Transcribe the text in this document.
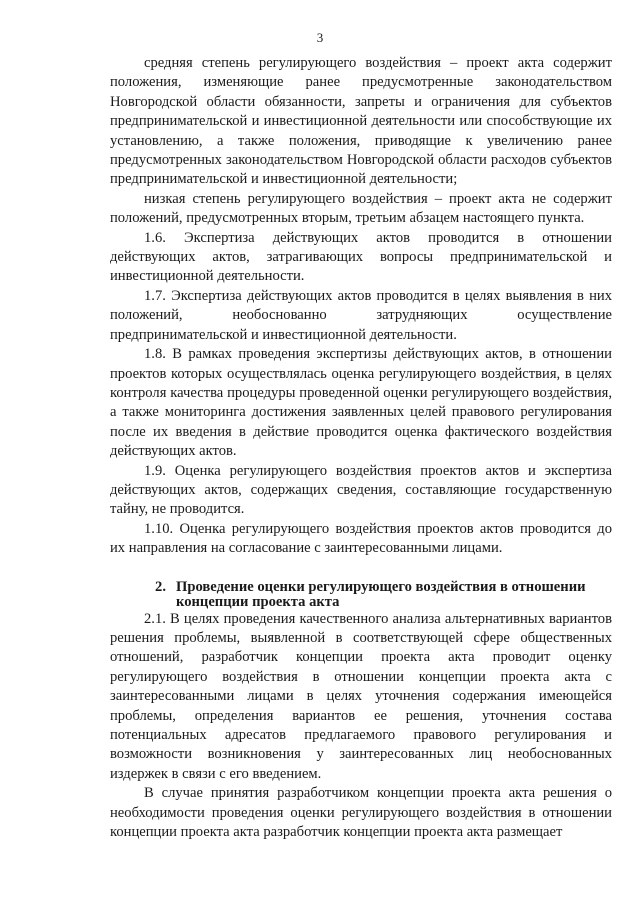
3

средняя степень регулирующего воздействия – проект акта содержит положения, изменяющие ранее предусмотренные законодательством Новгородской области обязанности, запреты и ограничения для субъектов предпринимательской и инвестиционной деятельности или способствующие их установлению, а также положения, приводящие к увеличению ранее предусмотренных законодательством Новгородской области расходов субъектов предпринимательской и инвестиционной деятельности;

низкая степень регулирующего воздействия – проект акта не содержит положений, предусмотренных вторым, третьим абзацем настоящего пункта.

1.6. Экспертиза действующих актов проводится в отношении действующих актов, затрагивающих вопросы предпринимательской и инвестиционной деятельности.

1.7. Экспертиза действующих актов проводится в целях выявления в них положений, необоснованно затрудняющих осуществление предпринимательской и инвестиционной деятельности.

1.8. В рамках проведения экспертизы действующих актов, в отношении проектов которых осуществлялась оценка регулирующего воздействия, в целях контроля качества процедуры проведенной оценки регулирующего воздействия, а также мониторинга достижения заявленных целей правового регулирования после их введения в действие проводится оценка фактического воздействия действующих актов.

1.9. Оценка регулирующего воздействия проектов актов и экспертиза действующих актов, содержащих сведения, составляющие государственную тайну, не проводится.

1.10. Оценка регулирующего воздействия проектов актов проводится до их направления на согласование с заинтересованными лицами.

2. Проведение оценки регулирующего воздействия в отношении концепции проекта акта

2.1. В целях проведения качественного анализа альтернативных вариантов решения проблемы, выявленной в соответствующей сфере общественных отношений, разработчик концепции проекта акта проводит оценку регулирующего воздействия в отношении концепции проекта акта с заинтересованными лицами в целях уточнения содержания имеющейся проблемы, определения вариантов ее решения, уточнения состава потенциальных адресатов предлагаемого правового регулирования и возможности возникновения у заинтересованных лиц необоснованных издержек в связи с его введением.

В случае принятия разработчиком концепции проекта акта решения о необходимости проведения оценки регулирующего воздействия в отношении концепции проекта акта разработчик концепции проекта акта размещает
